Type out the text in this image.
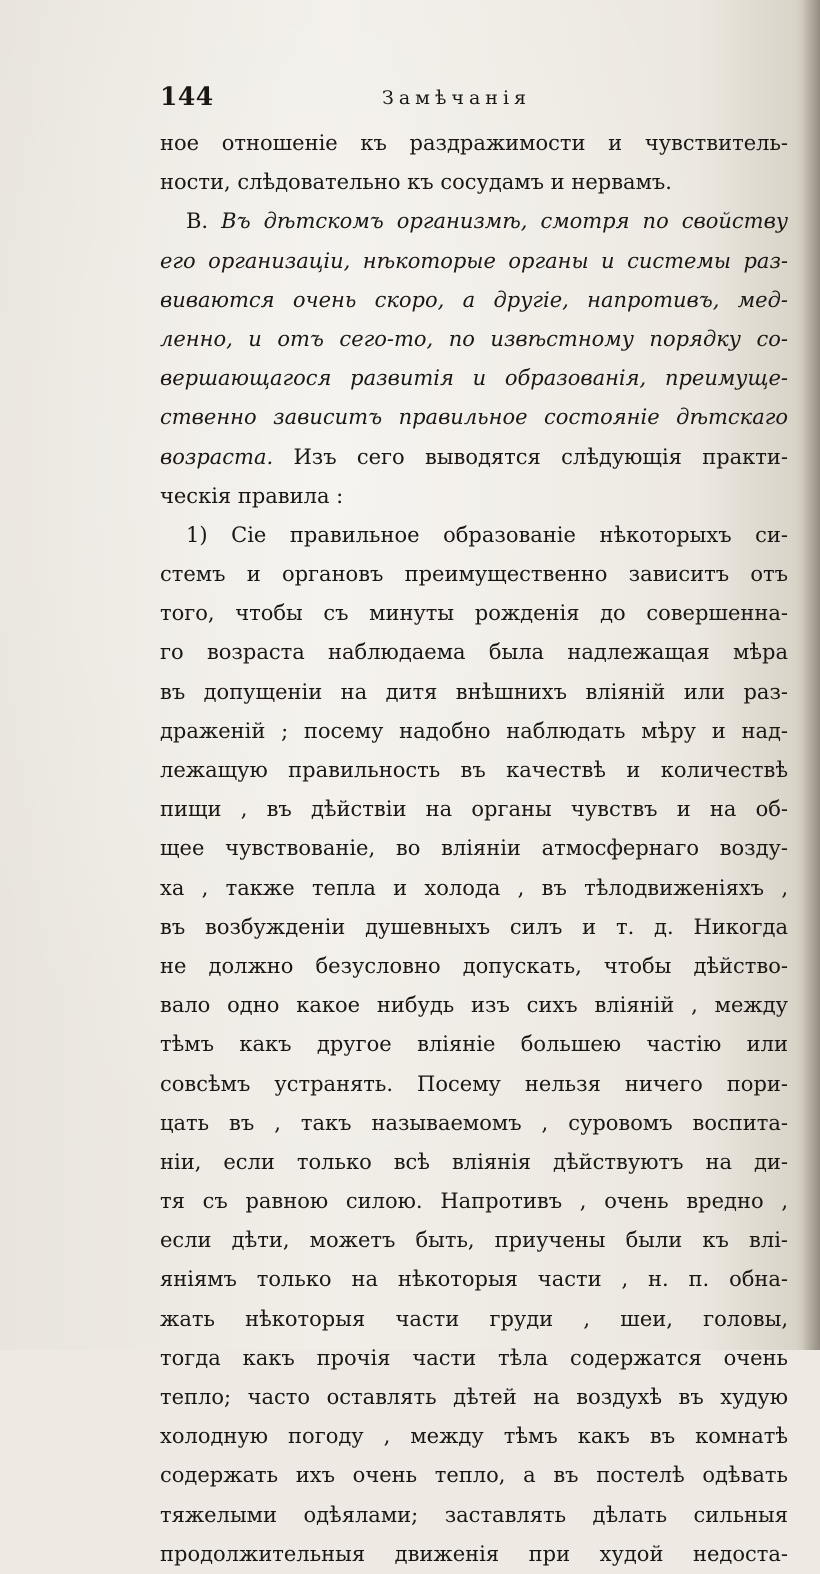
144	Замѣчанія
ное отношеніе къ раздражимости и чувствитель-
ности, слѣдовательно къ сосудамъ и нервамъ.
В. Въ дѣтскомъ организмѣ, смотря по свойству
его организаціи, нѣкоторые органы и системы раз-
виваются очень скоро, а другіе, напротивъ, мед-
ленно, и отъ сего-то, по извѣстному порядку со-
вершающагося развитія и образованія, преимуще-
ственно зависитъ правильное состояніе дѣтскаго
возраста. Изъ сего выводятся слѣдующія практи-
ческія правила :
1) Сіе правильное образованіе нѣкоторыхъ си-
стемъ и органовъ преимущественно зависитъ отъ
того, чтобы съ минуты рожденія до совершенна-
го возраста наблюдаема была надлежащая мѣра
въ допущеніи на дитя внѣшнихъ вліяній или раз-
драженій ; посему надобно наблюдать мѣру и над-
лежащую правильность въ качествѣ и количествѣ
пищи , въ дѣйствіи на органы чувствъ и на об-
щее чувствованіе, во вліяніи атмосфернаго возду-
ха , также тепла и холода , въ тѣлодвиженіяхъ ,
въ возбужденіи душевныхъ силъ и т. д. Никогда
не должно безусловно допускать, чтобы дѣйство-
вало одно какое нибудь изъ сихъ вліяній , между
тѣмъ какъ другое вліяніе большею частію или
совсѣмъ устранять. Посему нельзя ничего пори-
цать въ , такъ называемомъ , суровомъ воспита-
ніи, если только всѣ вліянія дѣйствуютъ на ди-
тя съ равною силою. Напротивъ , очень вредно ,
если дѣти, можетъ быть, приучены были къ влі-
яніямъ только на нѣкоторыя части , н. п. обна-
жать нѣкоторыя части груди , шеи, головы,
тогда какъ прочія части тѣла содержатся очень
тепло; часто оставлять дѣтей на воздухѣ въ худую
холодную погоду , между тѣмъ какъ въ комнатѣ
содержать ихъ очень тепло, а въ постелѣ одѣвать
тяжелыми одѣялами; заставлять дѣлать сильныя
продолжительныя движенія при худой недоста-
